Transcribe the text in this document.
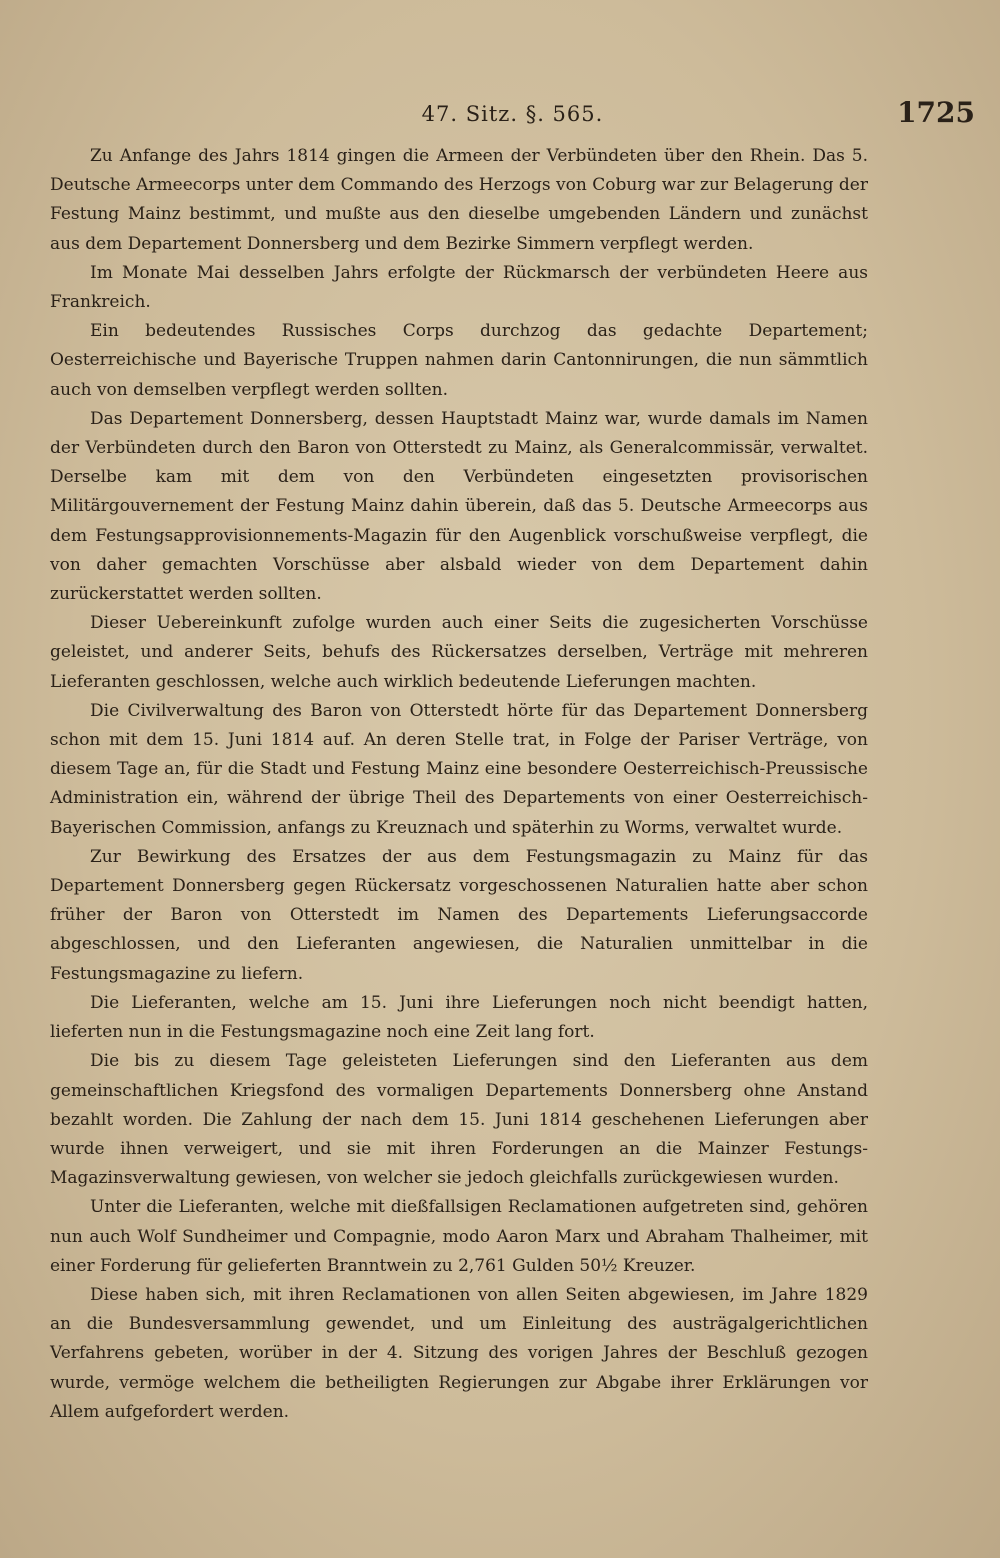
47. Sitz. §. 565.	1725

Zu Anfange des Jahrs 1814 gingen die Armeen der Verbündeten über den Rhein. Das 5. Deutsche Armeecorps unter dem Commando des Herzogs von Coburg war zur Belagerung der Festung Mainz bestimmt, und mußte aus den dieselbe umgebenden Ländern und zunächst aus dem Departement Donnersberg und dem Bezirke Simmern verpflegt werden.

Im Monate Mai desselben Jahrs erfolgte der Rückmarsch der verbündeten Heere aus Frankreich.

Ein bedeutendes Russisches Corps durchzog das gedachte Departement; Oesterreichische und Bayerische Truppen nahmen darin Cantonnirungen, die nun sämmtlich auch von demselben verpflegt werden sollten.

Das Departement Donnersberg, dessen Hauptstadt Mainz war, wurde damals im Namen der Verbündeten durch den Baron von Otterstedt zu Mainz, als Generalcommissär, verwaltet. Derselbe kam mit dem von den Verbündeten eingesetzten provisorischen Militärgouvernement der Festung Mainz dahin überein, daß das 5. Deutsche Armeecorps aus dem Festungsapprovisionnements-Magazin für den Augenblick vorschußweise verpflegt, die von daher gemachten Vorschüsse aber alsbald wieder von dem Departement dahin zurückerstattet werden sollten.

Dieser Uebereinkunft zufolge wurden auch einer Seits die zugesicherten Vorschüsse geleistet, und anderer Seits, behufs des Rückersatzes derselben, Verträge mit mehreren Lieferanten geschlossen, welche auch wirklich bedeutende Lieferungen machten.

Die Civilverwaltung des Baron von Otterstedt hörte für das Departement Donnersberg schon mit dem 15. Juni 1814 auf. An deren Stelle trat, in Folge der Pariser Verträge, von diesem Tage an, für die Stadt und Festung Mainz eine besondere Oesterreichisch-Preussische Administration ein, während der übrige Theil des Departements von einer Oesterreichisch-Bayerischen Commission, anfangs zu Kreuznach und späterhin zu Worms, verwaltet wurde.

Zur Bewirkung des Ersatzes der aus dem Festungsmagazin zu Mainz für das Departement Donnersberg gegen Rückersatz vorgeschossenen Naturalien hatte aber schon früher der Baron von Otterstedt im Namen des Departements Lieferungsaccorde abgeschlossen, und den Lieferanten angewiesen, die Naturalien unmittelbar in die Festungsmagazine zu liefern.

Die Lieferanten, welche am 15. Juni ihre Lieferungen noch nicht beendigt hatten, lieferten nun in die Festungsmagazine noch eine Zeit lang fort.

Die bis zu diesem Tage geleisteten Lieferungen sind den Lieferanten aus dem gemeinschaftlichen Kriegsfond des vormaligen Departements Donnersberg ohne Anstand bezahlt worden. Die Zahlung der nach dem 15. Juni 1814 geschehenen Lieferungen aber wurde ihnen verweigert, und sie mit ihren Forderungen an die Mainzer Festungs-Magazinsverwaltung gewiesen, von welcher sie jedoch gleichfalls zurückgewiesen wurden.

Unter die Lieferanten, welche mit dießfallsigen Reclamationen aufgetreten sind, gehören nun auch Wolf Sundheimer und Compagnie, modo Aaron Marx und Abraham Thalheimer, mit einer Forderung für gelieferten Branntwein zu 2,761 Gulden 50½ Kreuzer.

Diese haben sich, mit ihren Reclamationen von allen Seiten abgewiesen, im Jahre 1829 an die Bundesversammlung gewendet, und um Einleitung des austrägalgerichtlichen Verfahrens gebeten, worüber in der 4. Sitzung des vorigen Jahres der Beschluß gezogen wurde, vermöge welchem die betheiligten Regierungen zur Abgabe ihrer Erklärungen vor Allem aufgefordert werden.
